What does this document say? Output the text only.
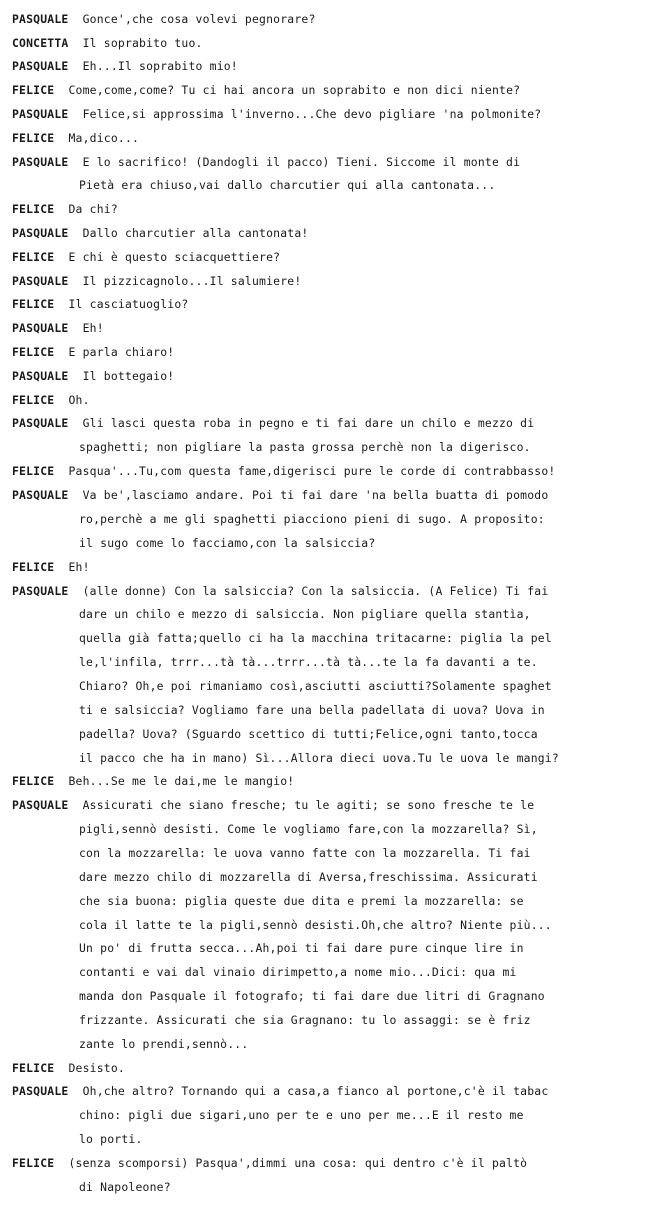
PASQUALE Gonce',che cosa volevi pegnorare?
CONCETTA Il soprabito tuo.
PASQUALE Eh...Il soprabito mio!
FELICE Come,come,come? Tu ci hai ancora un soprabito e non dici niente?
PASQUALE Felice,si approssima l'inverno...Che devo pigliare 'na polmonite?
FELICE Ma,dico...
PASQUALE E lo sacrifico! (Dandogli il pacco) Tieni. Siccome il monte di
Pietà era chiuso,vai dallo charcutier qui alla cantonata...
FELICE Da chi?
PASQUALE Dallo charcutier alla cantonata!
FELICE E chi è questo sciacquettiere?
PASQUALE Il pizzicagnolo...Il salumiere!
FELICE Il casciatuoglio?
PASQUALE Eh!
FELICE E parla chiaro!
PASQUALE Il bottegaio!
FELICE Oh.
PASQUALE Gli lasci questa roba in pegno e ti fai dare un chilo e mezzo di
spaghetti; non pigliare la pasta grossa perchè non la digerisco.
FELICE Pasqua'...Tu,com questa fame,digerisci pure le corde di contrabbasso!
PASQUALE Va be',lasciamo andare. Poi ti fai dare 'na bella buatta di pomodo
ro,perchè a me gli spaghetti piacciono pieni di sugo. A proposito:
il sugo come lo facciamo,con la salsiccia?
FELICE Eh!
PASQUALE (alle donne) Con la salsiccia? Con la salsiccia. (A Felice) Ti fai
dare un chilo e mezzo di salsiccia. Non pigliare quella stantìa,
quella già fatta;quello ci ha la macchina tritacarne: piglia la pel
le,l'infila, trrr...tà tà...trrr...tà tà...te la fa davanti a te.
Chiaro? Oh,e poi rimaniamo così,asciutti asciutti?Solamente spaghet
ti e salsiccia? Vogliamo fare una bella padellata di uova? Uova in
padella? Uova? (Sguardo scettico di tutti;Felice,ogni tanto,tocca
il pacco che ha in mano) Sì...Allora dieci uova.Tu le uova le mangi?
FELICE Beh...Se me le dai,me le mangio!
PASQUALE Assicurati che siano fresche; tu le agiti; se sono fresche te le
pigli,sennò desisti. Come le vogliamo fare,con la mozzarella? Sì,
con la mozzarella: le uova vanno fatte con la mozzarella. Ti fai
dare mezzo chilo di mozzarella di Aversa,freschissima. Assicurati
che sia buona: piglia queste due dita e premi la mozzarella: se
cola il latte te la pigli,sennò desisti.Oh,che altro? Niente più...
Un po' di frutta secca...Ah,poi ti fai dare pure cinque lire in
contanti e vai dal vinaio dirimpetto,a nome mio...Dici: qua mi
manda don Pasquale il fotografo; ti fai dare due litri di Gragnano
frizzante. Assicurati che sia Gragnano: tu lo assaggi: se è friz
zante lo prendi,sennò...
FELICE Desisto.
PASQUALE Oh,che altro? Tornando qui a casa,a fianco al portone,c'è il tabac
chino: pigli due sigari,uno per te e uno per me...E il resto me
lo porti.
FELICE (senza scomporsi) Pasqua',dimmi una cosa: qui dentro c'è il paltò
di Napoleone?
